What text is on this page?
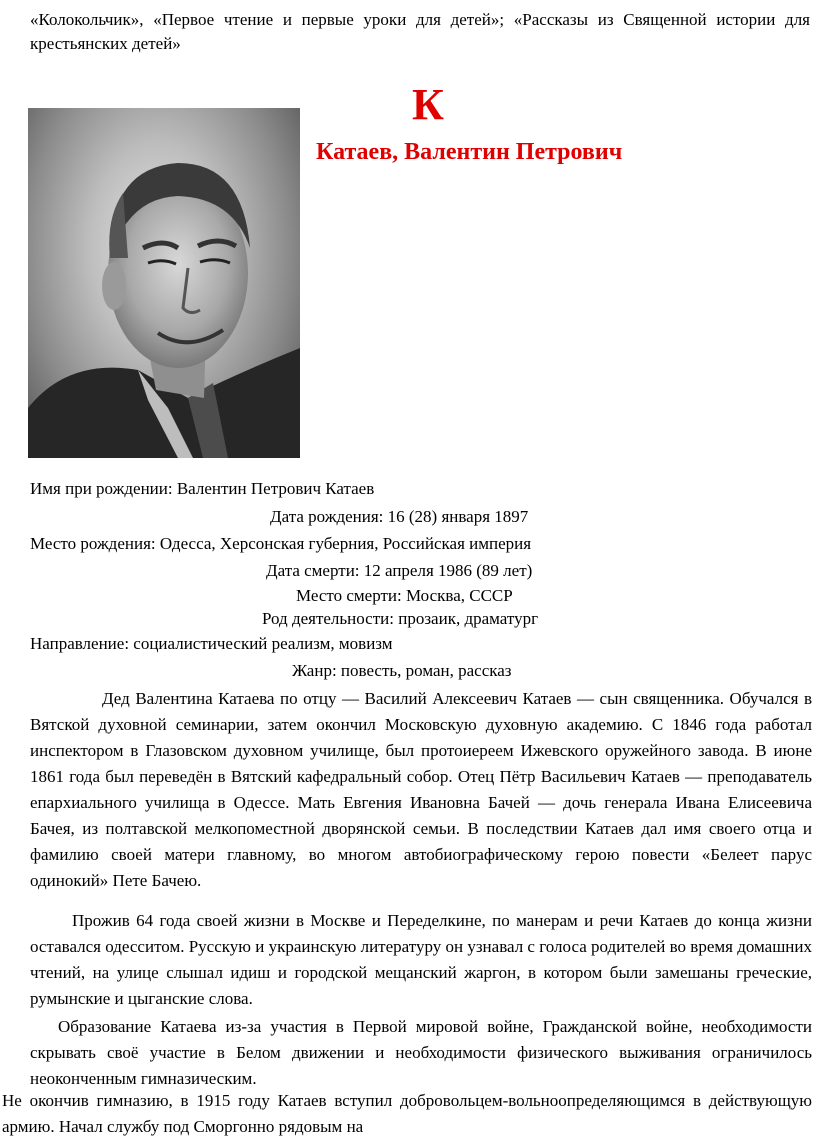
«Колокольчик», «Первое чтение и первые уроки для детей»; «Рассказы из Священной истории для крестьянских детей»
К
Катаев, Валентин Петрович
Имя при рождении: Валентин Петрович Катаев
Дата рождения: 16 (28) января 1897
Место рождения: Одесса, Херсонская губерния, Российская империя
Дата смерти: 12 апреля 1986 (89 лет)
Место смерти: Москва, СССР
Род деятельности: прозаик, драматург
Направление: социалистический реализм, мовизм
Жанр: повесть, роман, рассказ
Дед Валентина Катаева по отцу — Василий Алексеевич Катаев — сын священника. Обучался в Вятской духовной семинарии, затем окончил Московскую духовную академию. С 1846 года работал инспектором в Глазовском духовном училище, был протоиереем Ижевского оружейного завода. В июне 1861 года был переведён в Вятский кафедральный собор. Отец Пётр Васильевич Катаев — преподаватель епархиального училища в Одессе. Мать Евгения Ивановна Бачей — дочь генерала Ивана Елисеевича Бачея, из полтавской мелкопоместной дворянской семьи. В последствии Катаев дал имя своего отца и фамилию своей матери главному, во многом автобиографическому герою повести «Белеет парус одинокий» Пете Бачею.
Прожив 64 года своей жизни в Москве и Переделкине, по манерам и речи Катаев до конца жизни оставался одесситом. Русскую и украинскую литературу он узнавал с голоса родителей во время домашних чтений, на улице слышал идиш и городской мещанский жаргон, в котором были замешаны греческие, румынские и цыганские слова.
Образование Катаева из-за участия в Первой мировой войне, Гражданской войне, необходимости скрывать своё участие в Белом движении и необходимости физического выживания ограничилось неоконченным гимназическим.
Не окончив гимназию, в 1915 году Катаев вступил добровольцем-вольноопределяющимся в действующую армию. Начал службу под Сморгонно рядовым на
